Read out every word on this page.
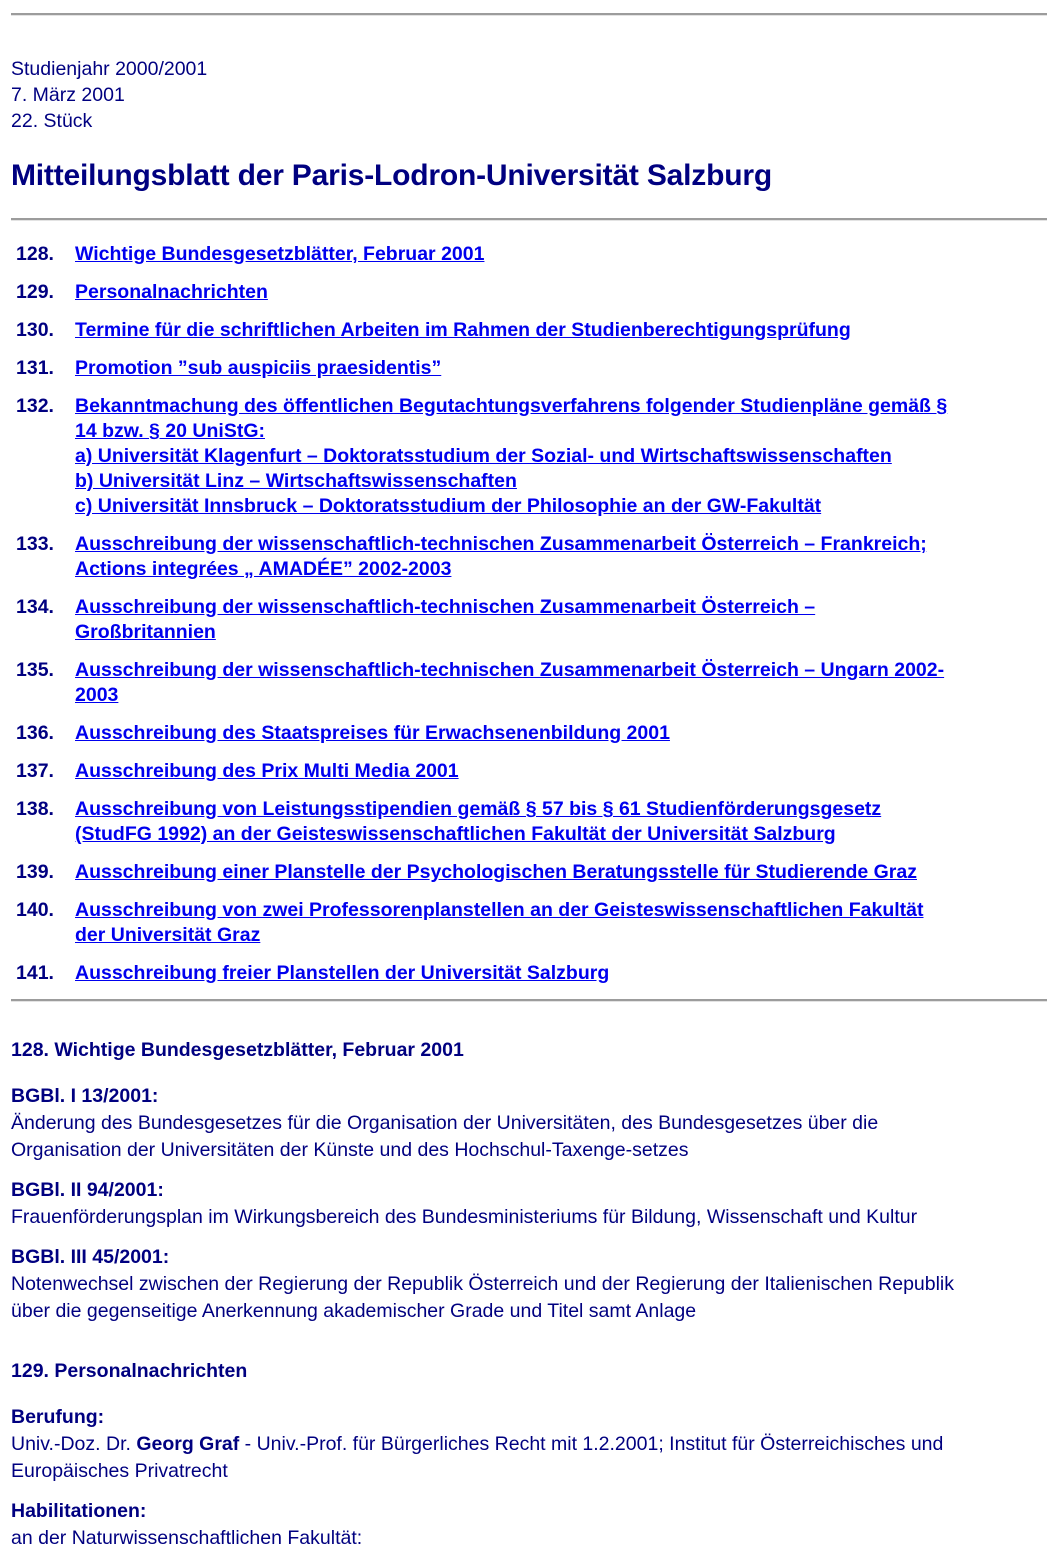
Studienjahr 2000/2001
7. März 2001
22. Stück
Mitteilungsblatt der Paris-Lodron-Universität Salzburg
128.	Wichtige Bundesgesetzblätter, Februar 2001
129.	Personalnachrichten
130.	Termine für die schriftlichen Arbeiten im Rahmen der Studienberechtigungsprüfung
131.	Promotion ”sub auspiciis praesidentis”
132.	Bekanntmachung des öffentlichen Begutachtungsverfahrens folgender Studienpläne gemäß §
14 bzw. § 20 UniStG:
a) Universität Klagenfurt – Doktoratsstudium der Sozial- und Wirtschaftswissenschaften
b) Universität Linz – Wirtschaftswissenschaften
c) Universität Innsbruck – Doktoratsstudium der Philosophie an der GW-Fakultät
133.	Ausschreibung der wissenschaftlich-technischen Zusammenarbeit Österreich – Frankreich;
Actions integrées „ AMADÉE” 2002-2003
134.	Ausschreibung der wissenschaftlich-technischen Zusammenarbeit Österreich –
Großbritannien
135.	Ausschreibung der wissenschaftlich-technischen Zusammenarbeit Österreich – Ungarn 2002-
2003
136.	Ausschreibung des Staatspreises für Erwachsenenbildung 2001
137.	Ausschreibung des Prix Multi Media 2001
138.	Ausschreibung von Leistungsstipendien gemäß § 57 bis § 61 Studienförderungsgesetz
(StudFG 1992) an der Geisteswissenschaftlichen Fakultät der Universität Salzburg
139.	Ausschreibung einer Planstelle der Psychologischen Beratungsstelle für Studierende Graz
140.	Ausschreibung von zwei Professorenplanstellen an der Geisteswissenschaftlichen Fakultät
der Universität Graz
141.	Ausschreibung freier Planstellen der Universität Salzburg
128. Wichtige Bundesgesetzblätter, Februar 2001
BGBl. I 13/2001:
Änderung des Bundesgesetzes für die Organisation der Universitäten, des Bundesgesetzes über die
Organisation der Universitäten der Künste und des Hochschul-Taxenge-setzes
BGBl. II 94/2001:
Frauenförderungsplan im Wirkungsbereich des Bundesministeriums für Bildung, Wissenschaft und Kultur
BGBl. III 45/2001:
Notenwechsel zwischen der Regierung der Republik Österreich und der Regierung der Italienischen Republik
über die gegenseitige Anerkennung akademischer Grade und Titel samt Anlage
129. Personalnachrichten
Berufung:
Univ.-Doz. Dr. Georg Graf - Univ.-Prof. für Bürgerliches Recht mit 1.2.2001; Institut für Österreichisches und
Europäisches Privatrecht
Habilitationen:
an der Naturwissenschaftlichen Fakultät:
